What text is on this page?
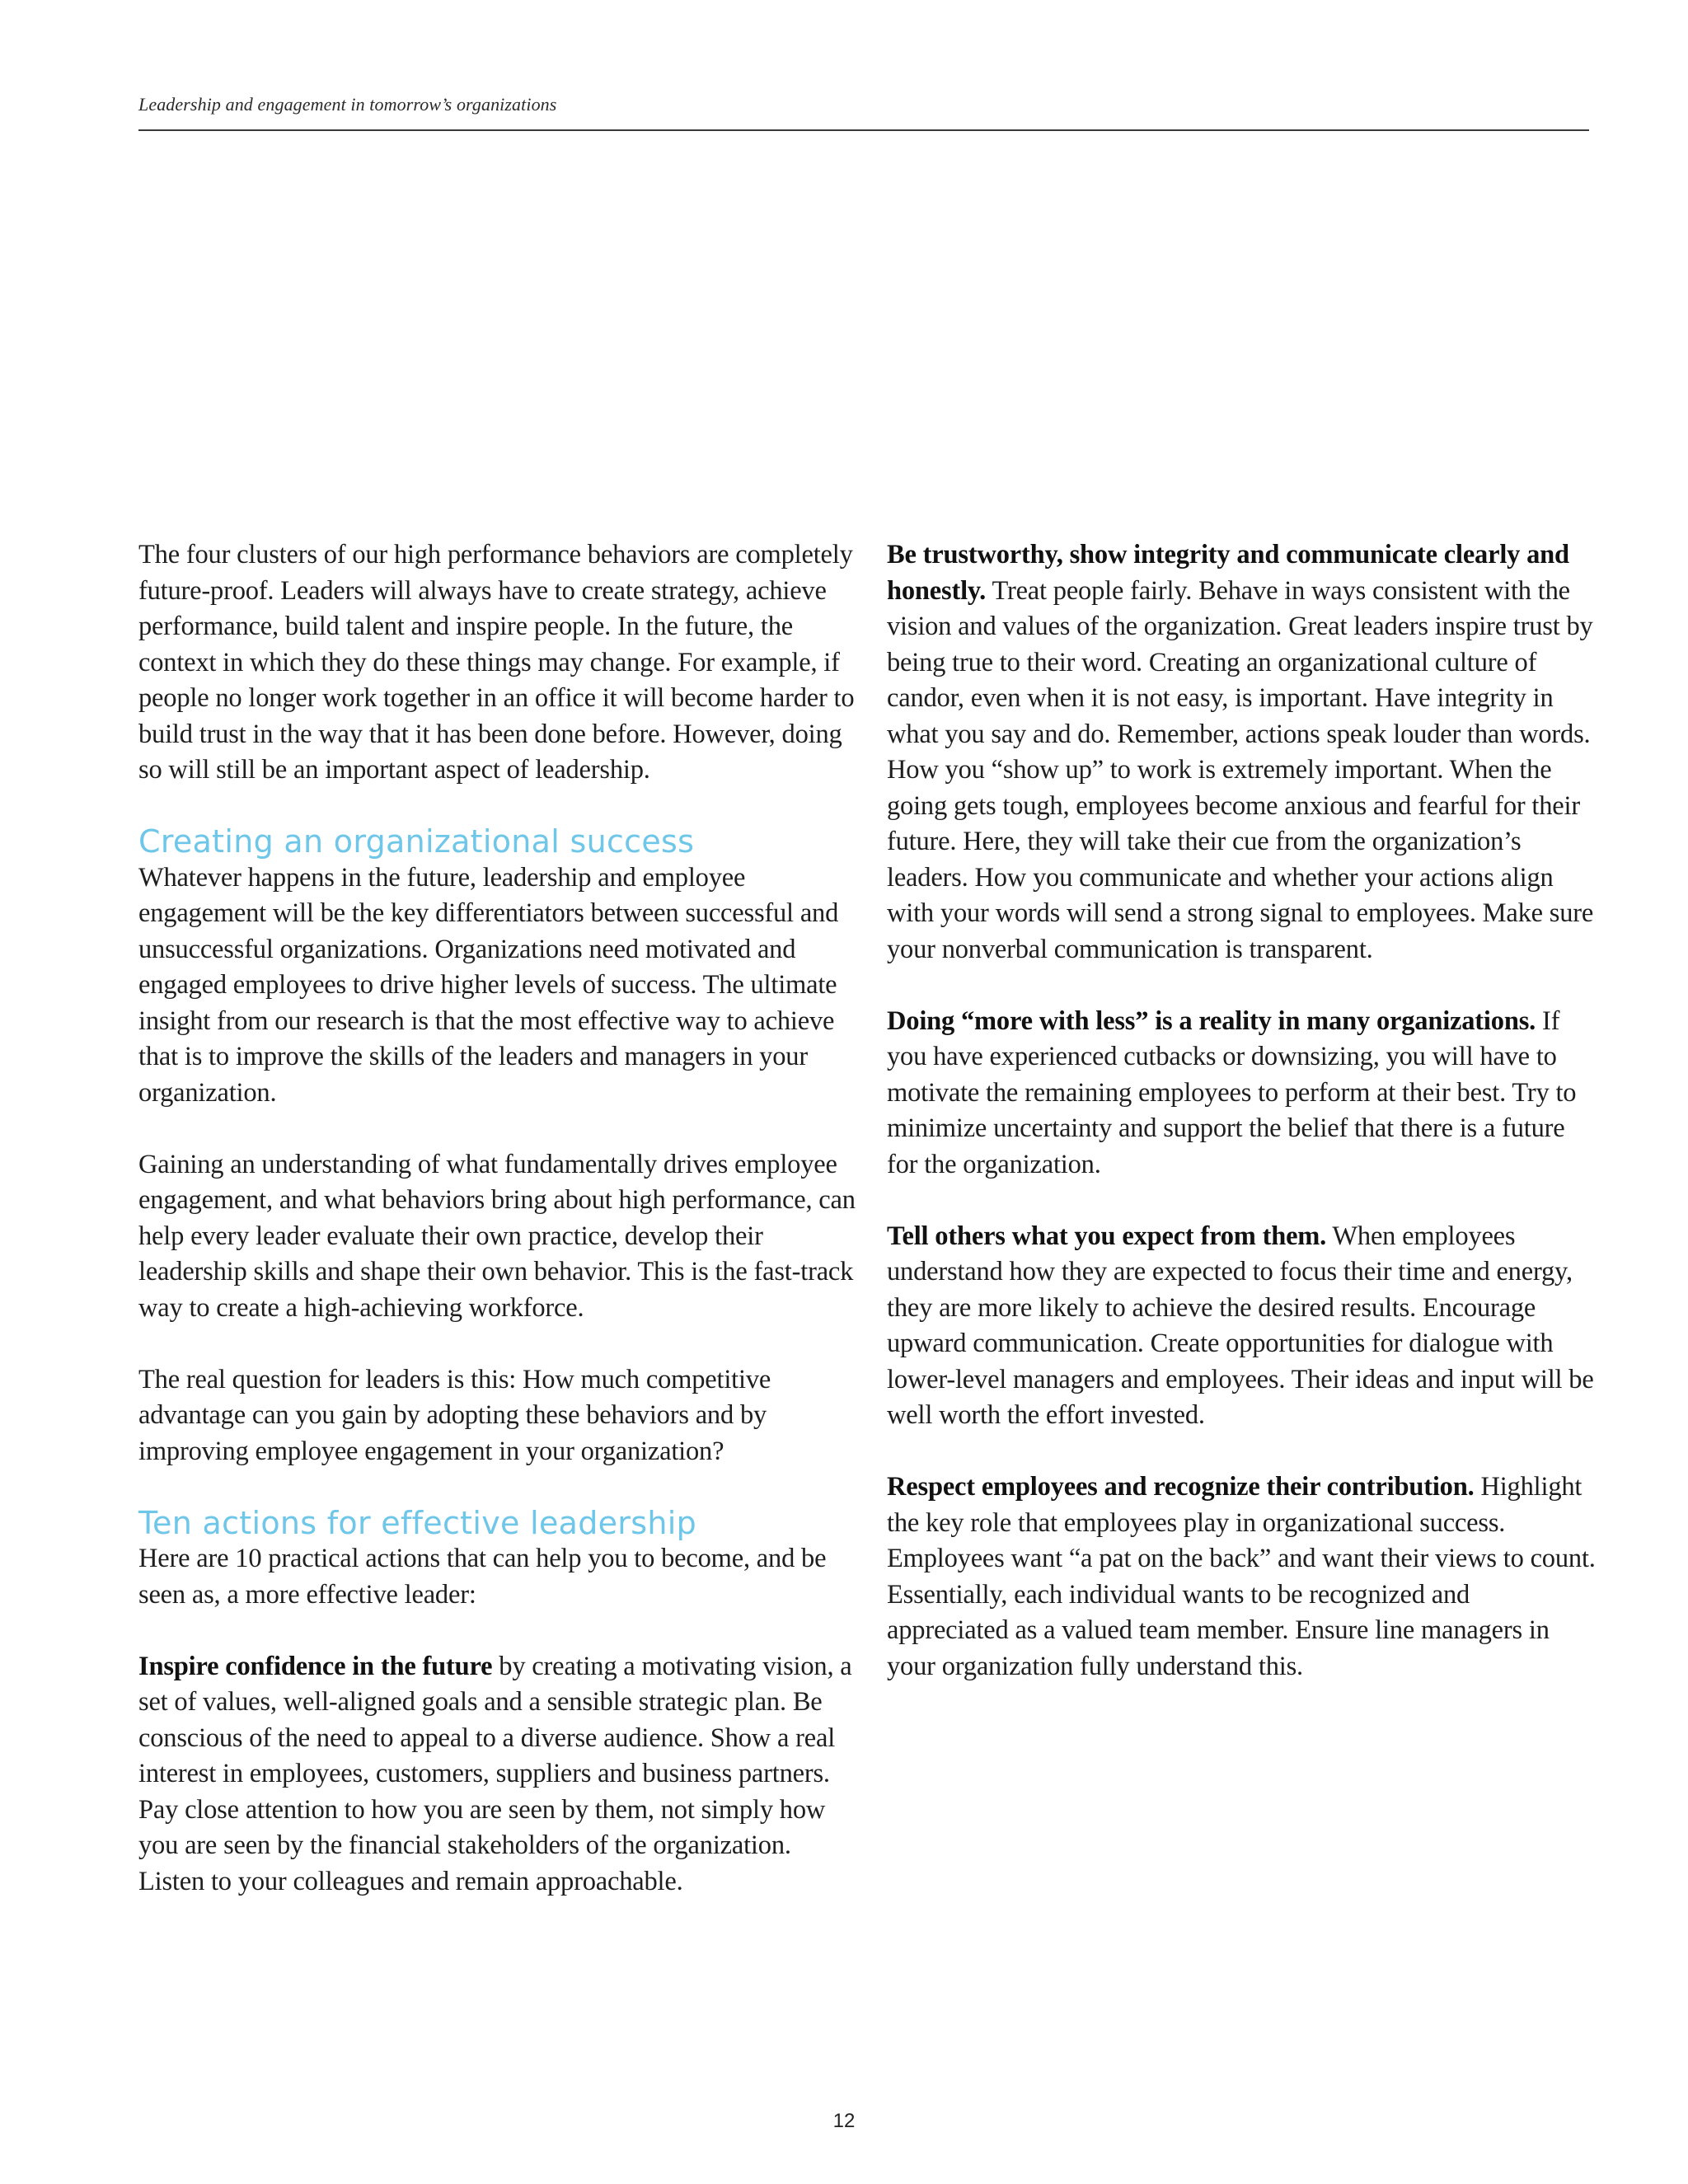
Leadership and engagement in tomorrow’s organizations

The four clusters of our high performance behaviors are completely future-proof. Leaders will always have to create strategy, achieve performance, build talent and inspire people. In the future, the context in which they do these things may change. For example, if people no longer work together in an office it will become harder to build trust in the way that it has been done before. However, doing so will still be an important aspect of leadership.

Creating an organizational success

Whatever happens in the future, leadership and employee engagement will be the key differentiators between successful and unsuccessful organizations. Organizations need motivated and engaged employees to drive higher levels of success. The ultimate insight from our research is that the most effective way to achieve that is to improve the skills of the leaders and managers in your organization.

Gaining an understanding of what fundamentally drives employee engagement, and what behaviors bring about high performance, can help every leader evaluate their own practice, develop their leadership skills and shape their own behavior. This is the fast-track way to create a high-achieving workforce.

The real question for leaders is this: How much competitive advantage can you gain by adopting these behaviors and by improving employee engagement in your organization?

Ten actions for effective leadership

Here are 10 practical actions that can help you to become, and be seen as, a more effective leader:

Inspire confidence in the future by creating a motivating vision, a set of values, well-aligned goals and a sensible strategic plan. Be conscious of the need to appeal to a diverse audience. Show a real interest in employees, customers, suppliers and business partners. Pay close attention to how you are seen by them, not simply how you are seen by the financial stakeholders of the organization. Listen to your colleagues and remain approachable.

Be trustworthy, show integrity and communicate clearly and honestly. Treat people fairly. Behave in ways consistent with the vision and values of the organization. Great leaders inspire trust by being true to their word. Creating an organizational culture of candor, even when it is not easy, is important. Have integrity in what you say and do. Remember, actions speak louder than words. How you “show up” to work is extremely important. When the going gets tough, employees become anxious and fearful for their future. Here, they will take their cue from the organization’s leaders. How you communicate and whether your actions align with your words will send a strong signal to employees. Make sure your nonverbal communication is transparent.

Doing “more with less” is a reality in many organizations. If you have experienced cutbacks or downsizing, you will have to motivate the remaining employees to perform at their best. Try to minimize uncertainty and support the belief that there is a future for the organization.

Tell others what you expect from them. When employees understand how they are expected to focus their time and energy, they are more likely to achieve the desired results. Encourage upward communication. Create opportunities for dialogue with lower-level managers and employees. Their ideas and input will be well worth the effort invested.

Respect employees and recognize their contribution. Highlight the key role that employees play in organizational success. Employees want “a pat on the back” and want their views to count. Essentially, each individual wants to be recognized and appreciated as a valued team member. Ensure line managers in your organization fully understand this.

12
